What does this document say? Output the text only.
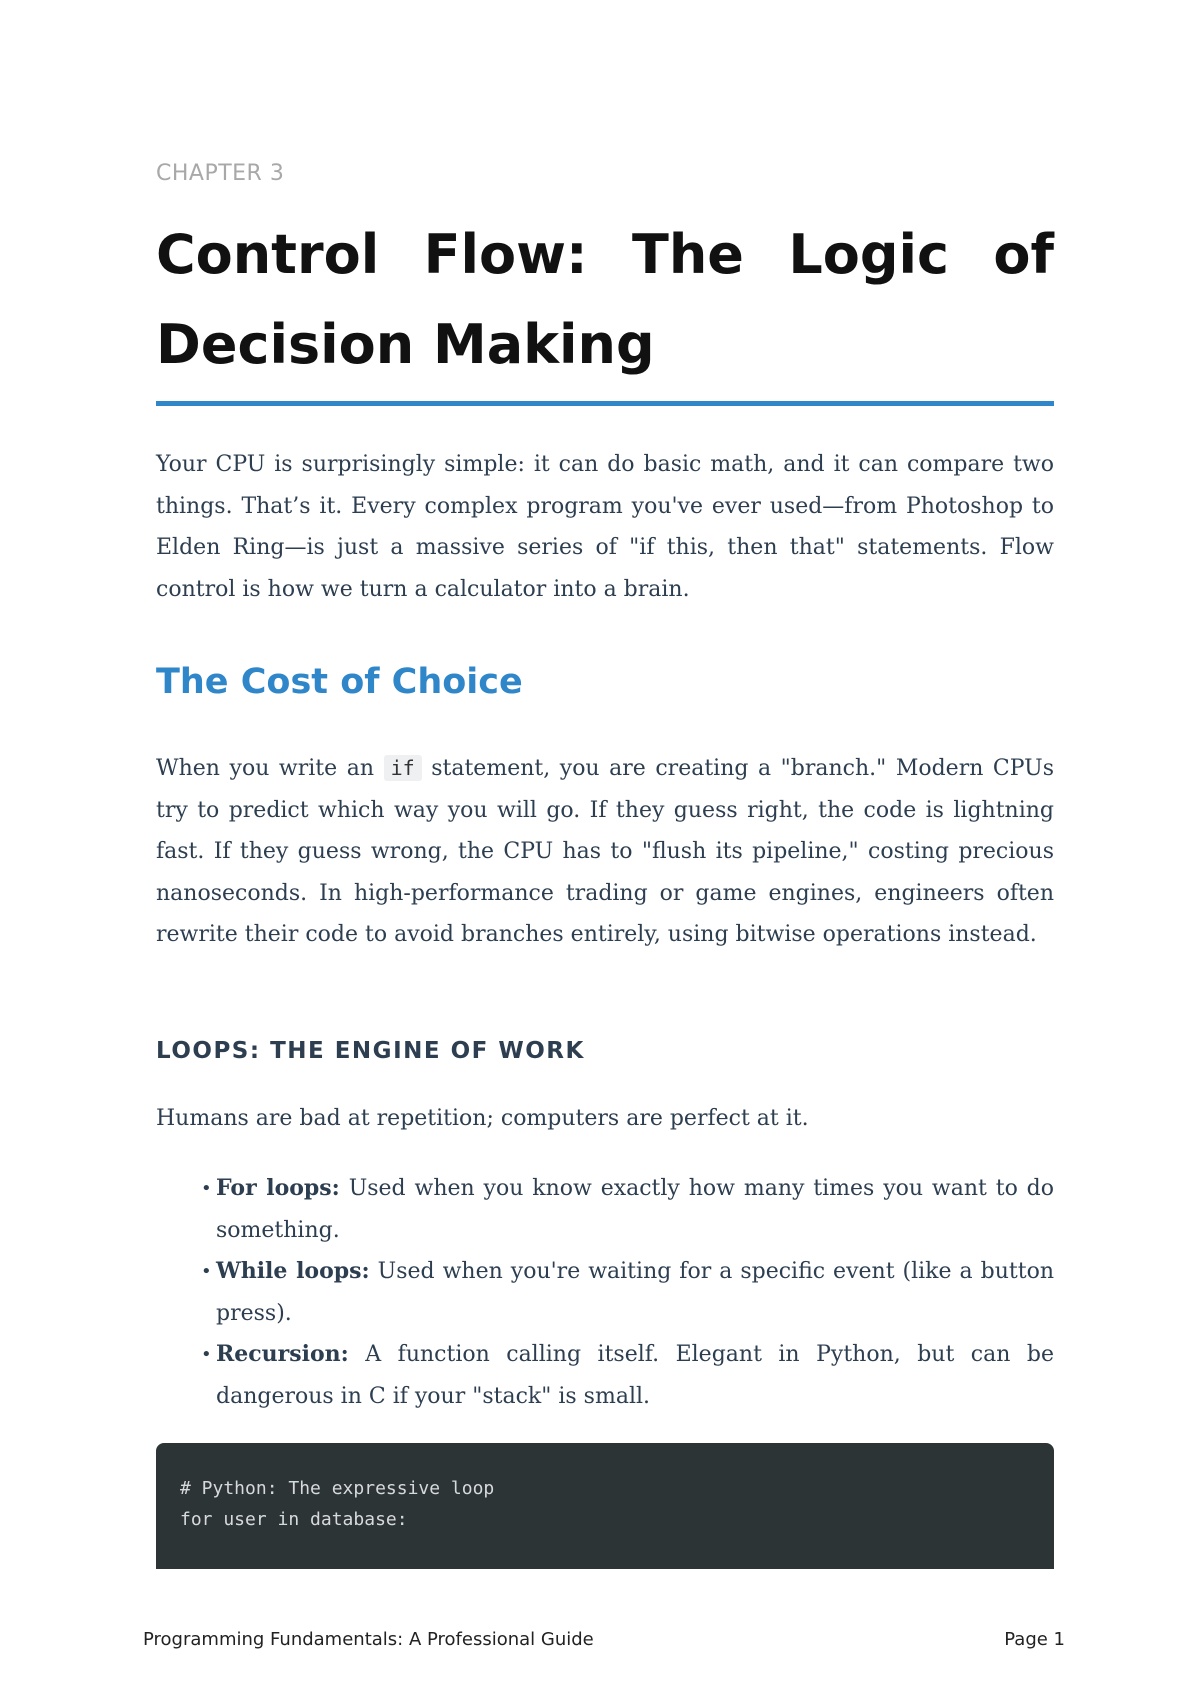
CHAPTER 3
Control Flow: The Logic of Decision Making

Your CPU is surprisingly simple: it can do basic math, and it can compare two things. That’s it. Every complex program you've ever used—from Photoshop to Elden Ring—is just a massive series of "if this, then that" statements. Flow control is how we turn a calculator into a brain.

The Cost of Choice

When you write an if statement, you are creating a "branch." Modern CPUs try to predict which way you will go. If they guess right, the code is lightning fast. If they guess wrong, the CPU has to "flush its pipeline," costing precious nanoseconds. In high-performance trading or game engines, engineers often rewrite their code to avoid branches entirely, using bitwise operations instead.

LOOPS: THE ENGINE OF WORK

Humans are bad at repetition; computers are perfect at it.

• For loops: Used when you know exactly how many times you want to do something.
• While loops: Used when you're waiting for a specific event (like a button press).
• Recursion: A function calling itself. Elegant in Python, but can be dangerous in C if your "stack" is small.
# Python: The expressive loop
for user in database:
Programming Fundamentals: A Professional Guide	Page 1
